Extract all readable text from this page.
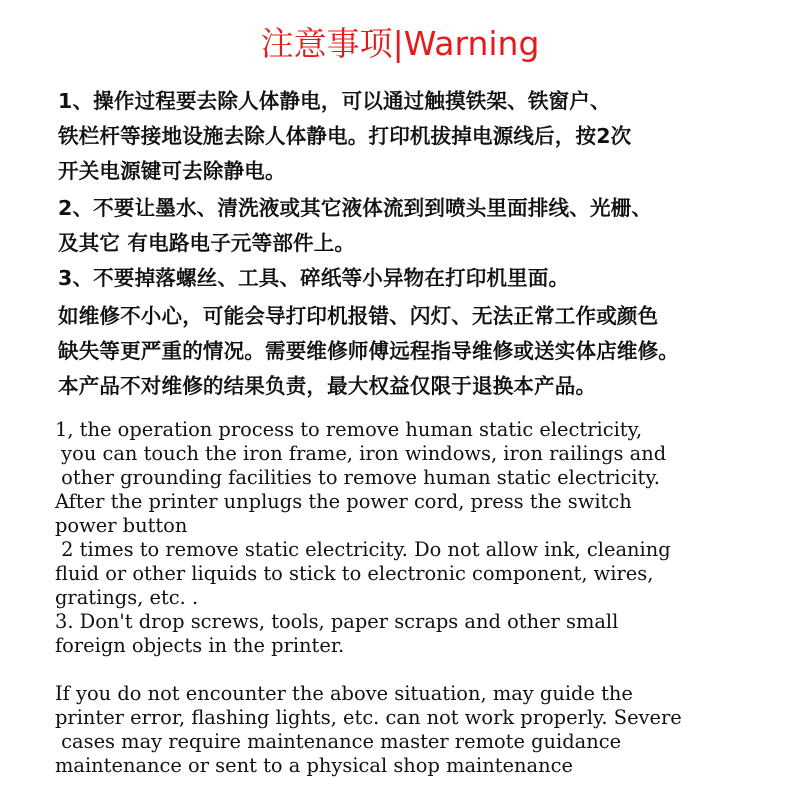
注意事项|Warning
1、操作过程要去除人体静电，可以通过触摸铁架、铁窗户、
铁栏杆等接地设施去除人体静电。打印机拔掉电源线后，按2次
开关电源键可去除静电。
2、不要让墨水、清洗液或其它液体流到到喷头里面排线、光栅、
及其它 有电路电子元等部件上。
3、不要掉落螺丝、工具、碎纸等小异物在打印机里面。
如维修不小心，可能会导打印机报错、闪灯、无法正常工作或颜色
缺失等更严重的情况。需要维修师傅远程指导维修或送实体店维修。
本产品不对维修的结果负责，最大权益仅限于退换本产品。
1, the operation process to remove human static electricity,
you can touch the iron frame, iron windows, iron railings and
other grounding facilities to remove human static electricity.
After the printer unplugs the power cord, press the switch
power button
2 times to remove static electricity. Do not allow ink, cleaning
fluid or other liquids to stick to electronic component, wires,
gratings, etc. .
3. Don't drop screws, tools, paper scraps and other small
foreign objects in the printer.
If you do not encounter the above situation, may guide the
printer error, flashing lights, etc. can not work properly. Severe
cases may require maintenance master remote guidance
maintenance or sent to a physical shop maintenance
